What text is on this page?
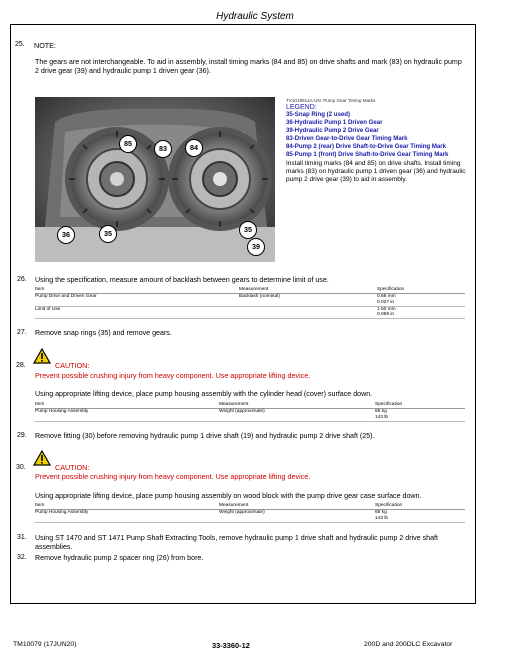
Hydraulic System
25. NOTE:
The gears are not interchangeable. To aid in assembly, install timing marks (84 and 85) on drive shafts and mark (83) on hydraulic pump 2 drive gear (39) and hydraulic pump 1 driven gear (36).
85
83	84
36	35	35
39
TX1018511A-UN: Pump Gear Timing Marks
LEGEND:
35-Snap Ring (2 used)
36-Hydraulic Pump 1 Driven Gear
39-Hydraulic Pump 2 Drive Gear
83-Driven Gear-to-Drive Gear Timing Mark
84-Pump 2 (rear) Drive Shaft-to-Drive Gear Timing Mark
85-Pump 1 (front) Drive Shaft-to-Drive Gear Timing Mark
Install timing marks (84 and 85) on drive shafts. Install timing marks (83) on hydraulic pump 1 driven gear (36) and hydraulic pump 2 drive gear (39) to aid in assembly.
26. Using the specification, measure amount of backlash between gears to determine limit of use.
Item	Measurement	Specification
Pump Drive and Driven Gear	Backlash (nominal)	0.68 mm
0.027 in

Limit of Use		1.50 mm
0.059 in
27. Remove snap rings (35) and remove gears.
28.	CAUTION:
Prevent possible crushing injury from heavy component. Use appropriate lifting device.
Using appropriate lifting device, place pump housing assembly with the cylinder head (cover) surface down.
Item	Measurement	Specification
Pump Housing Assembly	Weight (approximate)	65 kg
143 lb
29. Remove fitting (30) before removing hydraulic pump 1 drive shaft (19) and hydraulic pump 2 drive shaft (25).
30.	CAUTION:
Prevent possible crushing injury from heavy component. Use appropriate lifting device.
Using appropriate lifting device, place pump housing assembly on wood block with the pump drive gear case surface down.
Item	Measurement	Specification
Pump Housing Assembly	Weight (approximate)	65 kg
143 lb
31. Using ST 1470 and ST 1471 Pump Shaft Extracting Tools, remove hydraulic pump 1 drive shaft and hydraulic pump 2 drive shaft assemblies.
32. Remove hydraulic pump 2 spacer ring (26) from bore.
TM10079 (17JUN20)	33-3360-12	200D and 200DLC Excavator
